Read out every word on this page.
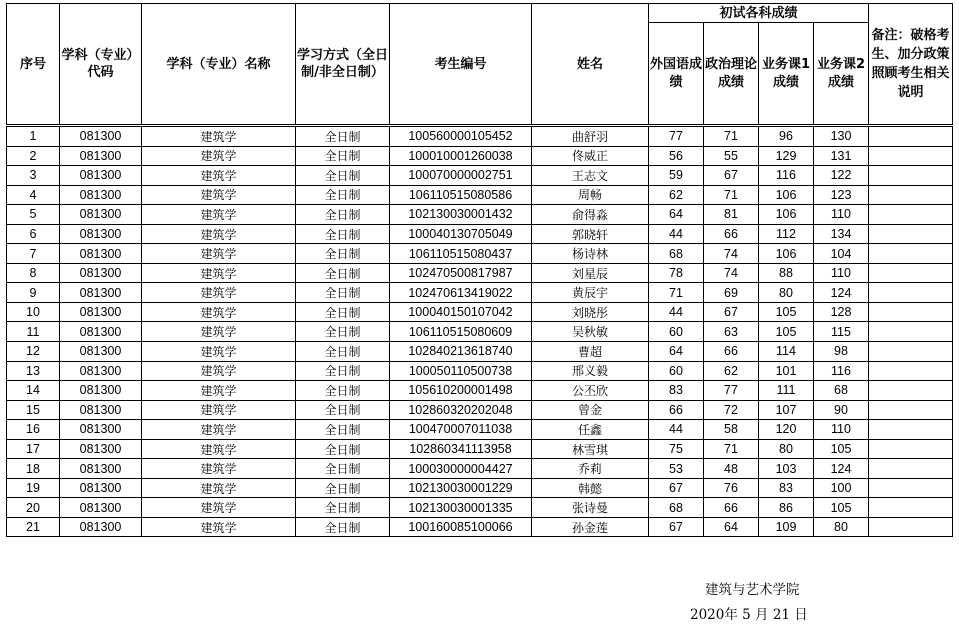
序号	学科（专业）代码	学科（专业）名称	学习方式（全日制/非全日制）	考生编号	姓名	初试各科成绩				备注：破格考生、加分政策照顾考生相关说明
						外国语成绩	政治理论成绩	业务课1成绩	业务课2成绩	

1	081300	建筑学	全日制	100560000105452	曲舒羽	77	71	96	130	
2	081300	建筑学	全日制	100010001260038	佟威正	56	55	129	131	
3	081300	建筑学	全日制	100070000002751	王志文	59	67	116	122	
4	081300	建筑学	全日制	106110515080586	周畅	62	71	106	123	
5	081300	建筑学	全日制	102130030001432	俞得淼	64	81	106	110	
6	081300	建筑学	全日制	100040130705049	郭晓轩	44	66	112	134	
7	081300	建筑学	全日制	106110515080437	杨诗林	68	74	106	104	
8	081300	建筑学	全日制	102470500817987	刘星辰	78	74	88	110	
9	081300	建筑学	全日制	102470613419022	黄辰宇	71	69	80	124	
10	081300	建筑学	全日制	100040150107042	刘晓彤	44	67	105	128	
11	081300	建筑学	全日制	106110515080609	吴秋敏	60	63	105	115	
12	081300	建筑学	全日制	102840213618740	曹超	64	66	114	98	
13	081300	建筑学	全日制	100050110500738	邢义毅	60	62	101	116	
14	081300	建筑学	全日制	105610200001498	公丕欣	83	77	111	68	
15	081300	建筑学	全日制	102860320202048	曾金	66	72	107	90	
16	081300	建筑学	全日制	100470007011038	任鑫	44	58	120	110	
17	081300	建筑学	全日制	102860341113958	林雪琪	75	71	80	105	
18	081300	建筑学	全日制	100030000004427	乔莉	53	48	103	124	
19	081300	建筑学	全日制	102130030001229	韩懿	67	76	83	100	
20	081300	建筑学	全日制	102130030001335	张诗曼	68	66	86	105	
21	081300	建筑学	全日制	100160085100066	孙金莲	67	64	109	80	
建筑与艺术学院
2020年 5 月 21 日
